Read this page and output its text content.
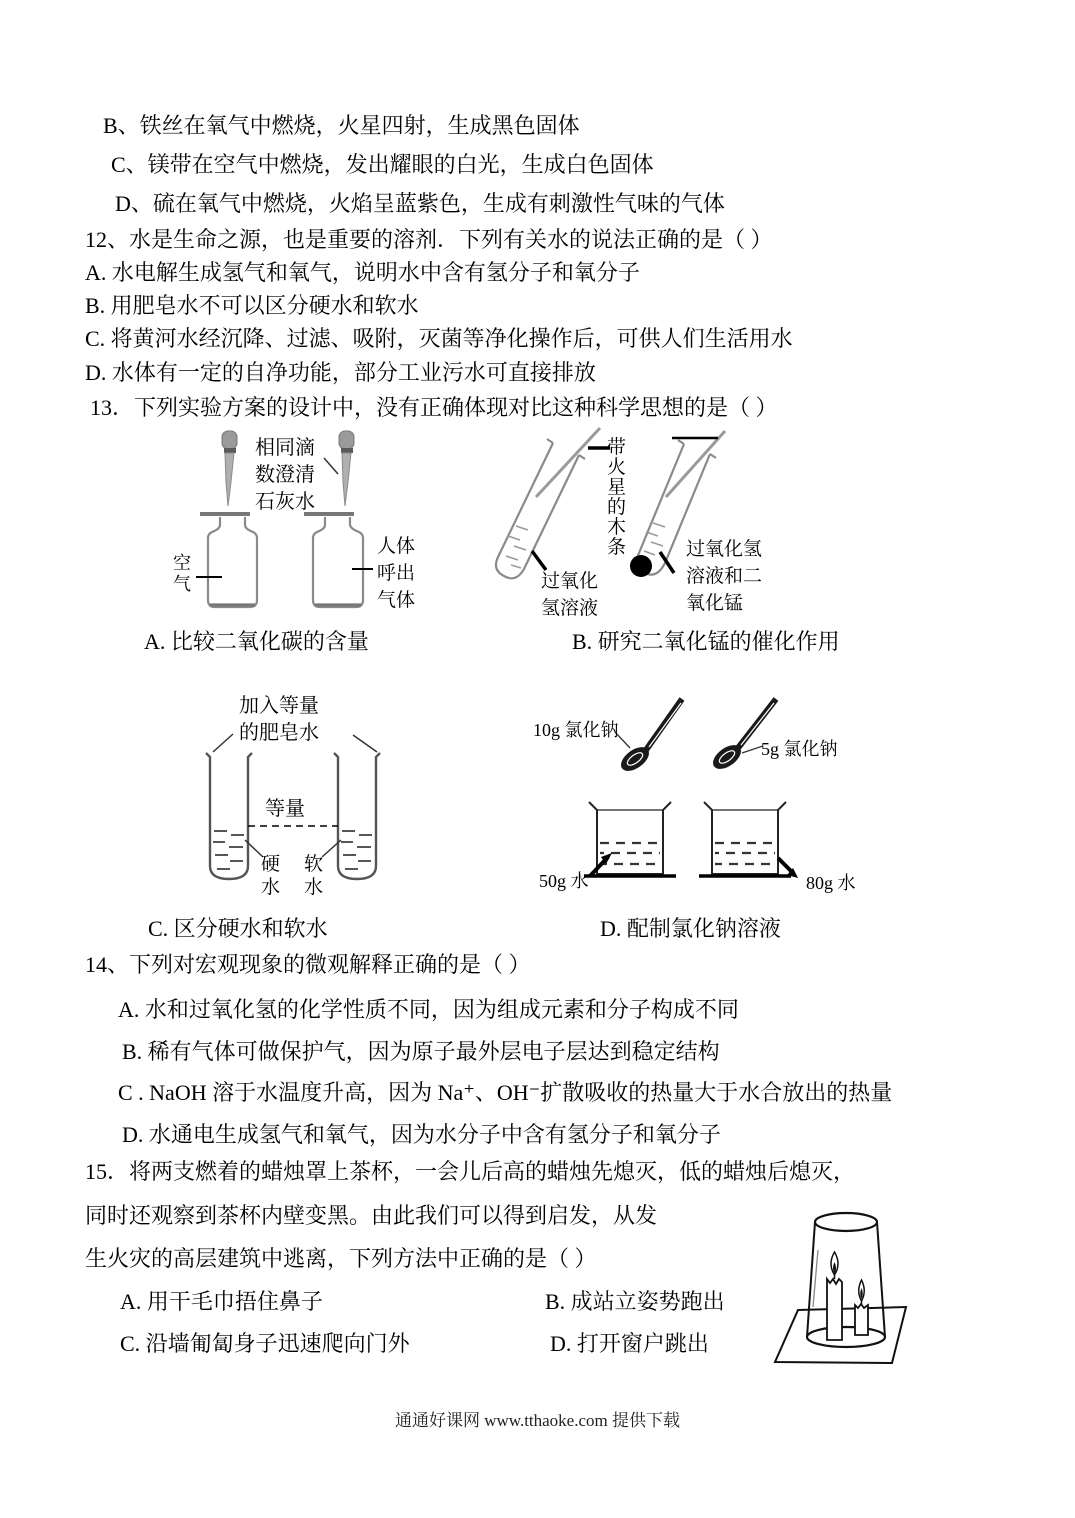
B、铁丝在氧气中燃烧，火星四射，生成黑色固体
C、镁带在空气中燃烧，发出耀眼的白光，生成白色固体
D、硫在氧气中燃烧，火焰呈蓝紫色，生成有刺激性气味的气体
12、水是生命之源，也是重要的溶剂．下列有关水的说法正确的是（ ）
A. 水电解生成氢气和氧气，说明水中含有氢分子和氧分子
B. 用肥皂水不可以区分硬水和软水
C. 将黄河水经沉降、过滤、吸附，灭菌等净化操作后，可供人们生活用水
D. 水体有一定的自净功能，部分工业污水可直接排放
13．下列实验方案的设计中，没有正确体现对比这种科学思想的是（ ）
相同滴
数澄清
石灰水
空气
人体
呼出
气体
带火星的木条
过氧化
氢溶液
过氧化氢
溶液和二
氧化锰
A. 比较二氧化碳的含量	B. 研究二氧化锰的催化作用
加入等量
的肥皂水
等量
硬水
软水
10g 氯化钠
5g 氯化钠
50g 水	80g 水
C. 区分硬水和软水	D. 配制氯化钠溶液
14、下列对宏观现象的微观解释正确的是（ ）
A. 水和过氧化氢的化学性质不同，因为组成元素和分子构成不同
B. 稀有气体可做保护气，因为原子最外层电子层达到稳定结构
C . NaOH 溶于水温度升高，因为 Na⁺、OH⁻扩散吸收的热量大于水合放出的热量
D. 水通电生成氢气和氧气，因为水分子中含有氢分子和氧分子
15．将两支燃着的蜡烛罩上茶杯，一会儿后高的蜡烛先熄灭，低的蜡烛后熄灭，
同时还观察到茶杯内壁变黑。由此我们可以得到启发，从发
生火灾的高层建筑中逃离，下列方法中正确的是（ ）
A. 用干毛巾捂住鼻子	B. 成站立姿势跑出
C. 沿墙匍匐身子迅速爬向门外	D. 打开窗户跳出
通通好课网 www.tthaoke.com 提供下载
